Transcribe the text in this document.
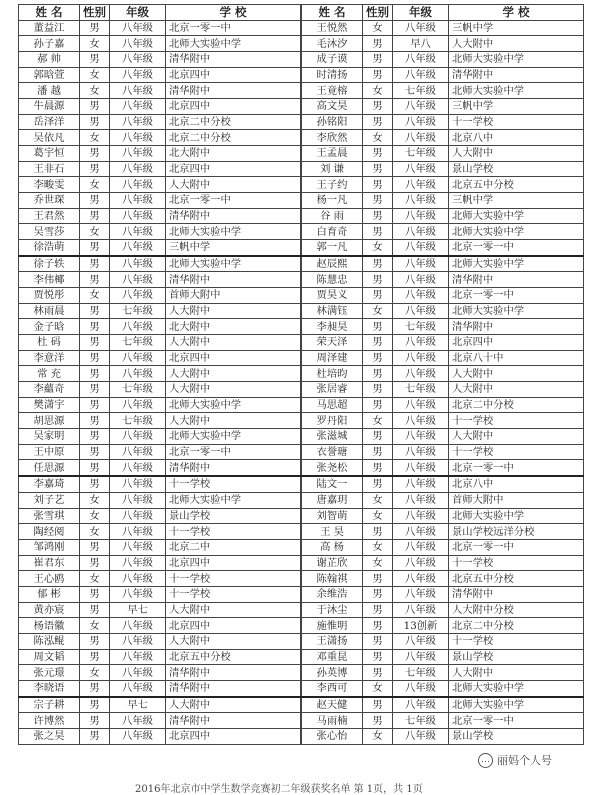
姓 名	性别	年级	学 校
董益江	男	八年级	北京一零一中
孙子嘉	女	八年级	北师大实验中学
郝 帅	男	八年级	清华附中
郭晗萱	女	八年级	北京四中
潘 越	女	八年级	清华附中
牛晨源	男	八年级	北京四中
岳泽洋	男	八年级	北京二中分校
吴依凡	女	八年级	北京二中分校
葛宇恒	男	八年级	北大附中
王非石	男	八年级	北京四中
李畯雯	女	八年级	人大附中
乔世琛	男	八年级	北京一零一中
王君然	男	八年级	清华附中
吴雪莎	女	八年级	北师大实验中学
徐浩萌	男	八年级	三帆中学
徐子轶	男	八年级	北师大实验中学
李伟椰	男	八年级	清华附中
贾悦彤	女	八年级	首师大附中
林雨晨	男	七年级	人大附中
金子晗	男	八年级	北大附中
杜 码	男	七年级	人大附中
李意洋	男	八年级	北京四中
常 充	男	八年级	人大附中
李蘊奇	男	七年级	人大附中
樊潇宇	男	八年级	北师大实验中学
胡思源	男	七年级	人大附中
吴家明	男	八年级	北师大实验中学
王中原	男	八年级	北京一零一中
任思源	男	八年级	清华附中
李嘉琦	男	八年级	十一学校
刘子艺	女	八年级	北师大实验中学
张雪琪	女	八年级	景山学校
陶经阅	女	八年级	十一学校
邹鸿刚	男	八年级	北京二中
崔君东	男	八年级	北京四中
王心鸥	女	八年级	十一学校
郁 彬	男	八年级	十一学校
黄亦宸	男	早七	人大附中
杨语徽	女	八年级	北京四中
陈泓鲲	男	八年级	人大附中
周文韬	男	八年级	北京五中分校
张元璟	女	八年级	清华附中
李晓语	男	八年级	清华附中
宗子耕	男	早七	人大附中
许博然	男	八年级	清华附中
张之昊	男	八年级	北京四中
姓 名	性别	年级	学 校
王悦然	女	八年级	三帆中学
毛沐汐	男	早八	人大附中
成子谟	男	八年级	北师大实验中学
时清扬	男	八年级	清华附中
王竟榕	女	七年级	北师大实验中学
高文昊	男	八年级	三帆中学
孙铭阳	男	八年级	十一学校
李欣然	女	八年级	北京八中
王孟晨	男	七年级	人大附中
刘 谦	男	八年级	景山学校
王子约	男	八年级	北京五中分校
杨一凡	男	八年级	三帆中学
谷 雨	男	八年级	北师大实验中学
白育奇	男	八年级	北师大实验中学
郭一凡	女	八年级	北京一零一中
赵辰熙	男	八年级	北师大实验中学
陈慧忠	男	八年级	清华附中
贾昊义	男	八年级	北京一零一中
林满钰	女	八年级	北师大实验中学
李昶昊	男	七年级	清华附中
荣天泽	男	八年级	北京四中
周泽建	男	八年级	北京八十中
杜培昀	男	八年级	人大附中
张居睿	男	七年级	人大附中
马思超	男	八年级	北京二中分校
罗丹阳	女	八年级	十一学校
张滋城	男	八年级	人大附中
衣誉瑭	男	八年级	十一学校
张尧松	男	八年级	北京一零一中
陆文一	男	八年级	北京八中
唐嘉玥	女	八年级	首师大附中
刘智萌	女	八年级	北师大实验中学
王 昊	男	八年级	景山学校远洋分校
高 杨	女	八年级	北京一零一中
谢芷欣	女	八年级	十一学校
陈翰祺	男	八年级	北京五中分校
余维浩	男	八年级	清华附中
于沐尘	男	八年级	人大附中分校
施惟明	男	13创新	北京二中分校
王潇扬	男	八年级	十一学校
邓重昆	男	八年级	景山学校
孙英博	男	七年级	人大附中
李西可	女	八年级	北师大实验中学
赵天健	男	八年级	北师大实验中学
马雨楠	男	七年级	北京一零一中
张心怡	女	八年级	景山学校
… 丽妈个人号
2016年北京市中学生数学竞赛初二年级获奖名单 第 1页，共 1页
